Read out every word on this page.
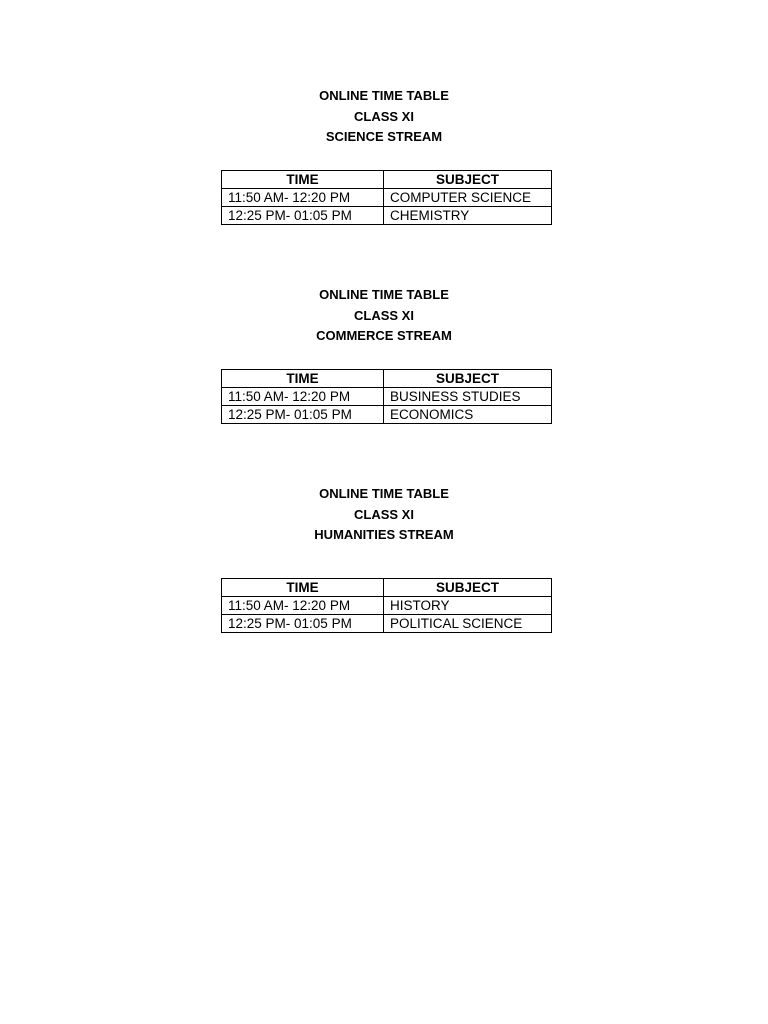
ONLINE TIME TABLE

CLASS XI

SCIENCE STREAM

TIME	SUBJECT
11:50 AM- 12:20 PM	COMPUTER SCIENCE
12:25 PM- 01:05 PM	CHEMISTRY

ONLINE TIME TABLE

CLASS XI

COMMERCE STREAM

TIME	SUBJECT
11:50 AM- 12:20 PM	BUSINESS STUDIES
12:25 PM- 01:05 PM	ECONOMICS

ONLINE TIME TABLE

CLASS XI

HUMANITIES STREAM

TIME	SUBJECT
11:50 AM- 12:20 PM	HISTORY
12:25 PM- 01:05 PM	POLITICAL SCIENCE
